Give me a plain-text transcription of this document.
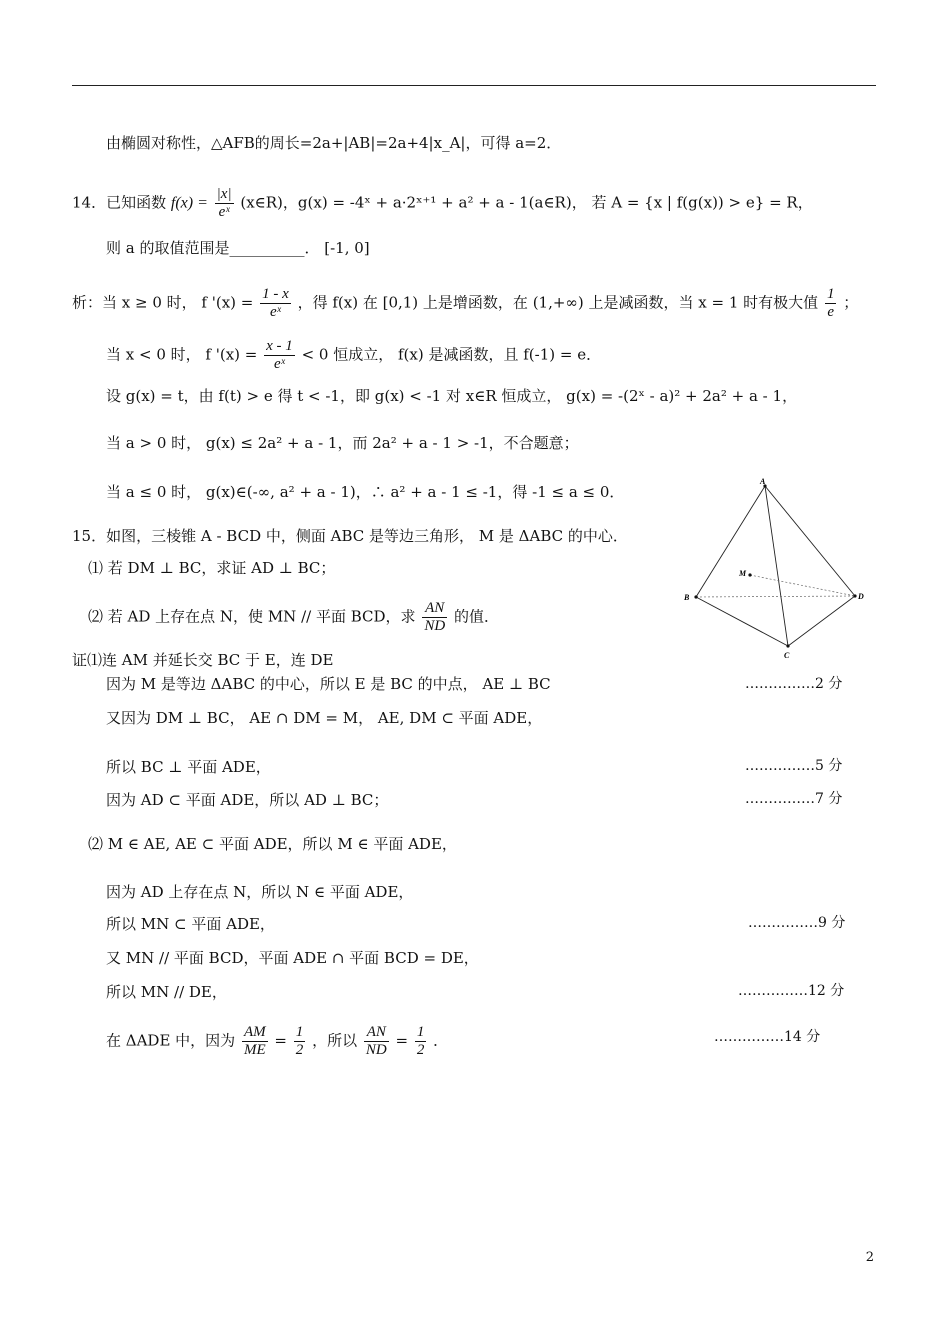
由椭圆对称性，△AFB的周长=2a+|AB|=2a+4|x_A|，可得 a=2．
14．已知函数 $f(x) = \frac{|x|}{\text{eˣ}}$ (x∈R)，g(x) = -4ˣ + a·2ˣ⁺¹ + a² + a - 1(a∈R)， 若 A = {x | f(g(x)) > e} = R，
则 a 的取值范围是__________． [-1, 0]
析：当 x ≥ 0 时， f '$(x) = \frac{1 - x}{\text{eˣ}}$ ，得 f(x) 在 [0,1) 上是增函数，在 (1,+∞) 上是减函数，当 x = 1 时有极大值 $\frac{1}{e}$ ；
当 x < 0 时， f '$(x) = \frac{x - 1}{\text{eˣ}} < 0$ 恒成立， f(x) 是减函数，且 f(-1) = e．
设 g(x) = t，由 f(t) > e 得 t < -1，即 g(x) < -1 对 x∈R 恒成立， g(x) = -(2ˣ - a)² + 2a² + a - 1，
当 a > 0 时， g(x) ≤ 2a² + a - 1，而 2a² + a - 1 > -1，不合题意；
当 a ≤ 0 时， g(x)∈(-∞, a² + a - 1)，∴ a² + a - 1 ≤ -1，得 -1 ≤ a ≤ 0．
15．如图，三棱锥 A - BCD 中，侧面 ABC 是等边三角形， M 是 ΔABC 的中心．
⑴ 若 DM ⊥ BC，求证 AD ⊥ BC；
⑵ 若 AD 上存在点 N，使 MN // 平面 BCD，求 $\frac{AN}{ND}$ 的值．
证⑴连 AM 并延长交 BC 于 E，连 DE
因为 M 是等边 ΔABC 的中心，所以 E 是 BC 的中点， AE ⊥ BC	……………2 分
又因为 DM ⊥ BC， AE ∩ DM = M， AE, DM ⊂ 平面 ADE，
所以 BC ⊥ 平面 ADE，	……………5 分
因为 AD ⊂ 平面 ADE，所以 AD ⊥ BC；	……………7 分
⑵ M ∈ AE, AE ⊂ 平面 ADE，所以 M ∈ 平面 ADE，
因为 AD 上存在点 N，所以 N ∈ 平面 ADE，
所以 MN ⊂ 平面 ADE，	……………9 分
又 MN // 平面 BCD，平面 ADE ∩ 平面 BCD = DE，
所以 MN // DE，	……………12 分
在 ΔADE 中，因为 $\frac{AM}{ME} = \frac{1}{2}$ ，所以 $\frac{AN}{ND} = \frac{1}{2}$ ．	……………14 分
A
B
C
D
M
2
